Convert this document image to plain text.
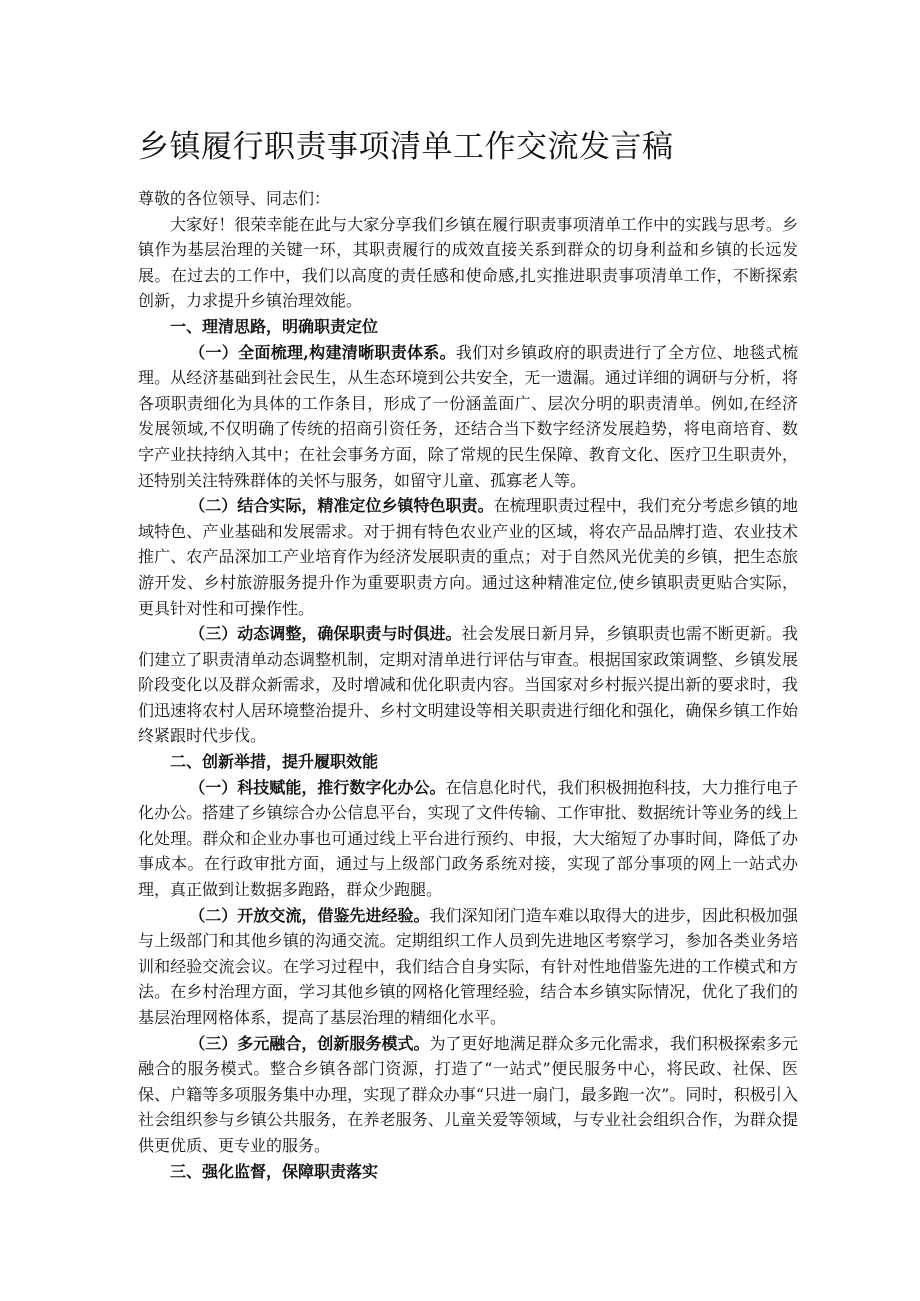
乡镇履行职责事项清单工作交流发言稿

尊敬的各位领导、同志们：

大家好！很荣幸能在此与大家分享我们乡镇在履行职责事项清单工作中的实践与思考。乡镇作为基层治理的关键一环，其职责履行的成效直接关系到群众的切身利益和乡镇的长远发展。在过去的工作中，我们以高度的责任感和使命感,扎实推进职责事项清单工作，不断探索创新，力求提升乡镇治理效能。

一、理清思路，明确职责定位

（一）全面梳理,构建清晰职责体系。我们对乡镇政府的职责进行了全方位、地毯式梳理。从经济基础到社会民生，从生态环境到公共安全，无一遗漏。通过详细的调研与分析，将各项职责细化为具体的工作条目，形成了一份涵盖面广、层次分明的职责清单。例如,在经济发展领域,不仅明确了传统的招商引资任务，还结合当下数字经济发展趋势，将电商培育、数字产业扶持纳入其中；在社会事务方面，除了常规的民生保障、教育文化、医疗卫生职责外，还特别关注特殊群体的关怀与服务，如留守儿童、孤寡老人等。

（二）结合实际，精准定位乡镇特色职责。在梳理职责过程中，我们充分考虑乡镇的地域特色、产业基础和发展需求。对于拥有特色农业产业的区域，将农产品品牌打造、农业技术推广、农产品深加工产业培育作为经济发展职责的重点；对于自然风光优美的乡镇，把生态旅游开发、乡村旅游服务提升作为重要职责方向。通过这种精准定位,使乡镇职责更贴合实际，更具针对性和可操作性。

（三）动态调整，确保职责与时俱进。社会发展日新月异，乡镇职责也需不断更新。我们建立了职责清单动态调整机制，定期对清单进行评估与审查。根据国家政策调整、乡镇发展阶段变化以及群众新需求，及时增减和优化职责内容。当国家对乡村振兴提出新的要求时，我们迅速将农村人居环境整治提升、乡村文明建设等相关职责进行细化和强化，确保乡镇工作始终紧跟时代步伐。

二、创新举措，提升履职效能

（一）科技赋能，推行数字化办公。在信息化时代，我们积极拥抱科技，大力推行电子化办公。搭建了乡镇综合办公信息平台，实现了文件传输、工作审批、数据统计等业务的线上化处理。群众和企业办事也可通过线上平台进行预约、申报，大大缩短了办事时间，降低了办事成本。在行政审批方面，通过与上级部门政务系统对接，实现了部分事项的网上一站式办理，真正做到让数据多跑路，群众少跑腿。

（二）开放交流，借鉴先进经验。我们深知闭门造车难以取得大的进步，因此积极加强与上级部门和其他乡镇的沟通交流。定期组织工作人员到先进地区考察学习，参加各类业务培训和经验交流会议。在学习过程中，我们结合自身实际，有针对性地借鉴先进的工作模式和方法。在乡村治理方面，学习其他乡镇的网格化管理经验，结合本乡镇实际情况，优化了我们的基层治理网格体系，提高了基层治理的精细化水平。

（三）多元融合，创新服务模式。为了更好地满足群众多元化需求，我们积极探索多元融合的服务模式。整合乡镇各部门资源，打造了“一站式”便民服务中心，将民政、社保、医保、户籍等多项服务集中办理，实现了群众办事“只进一扇门，最多跑一次”。同时，积极引入社会组织参与乡镇公共服务，在养老服务、儿童关爱等领域，与专业社会组织合作，为群众提供更优质、更专业的服务。

三、强化监督，保障职责落实
